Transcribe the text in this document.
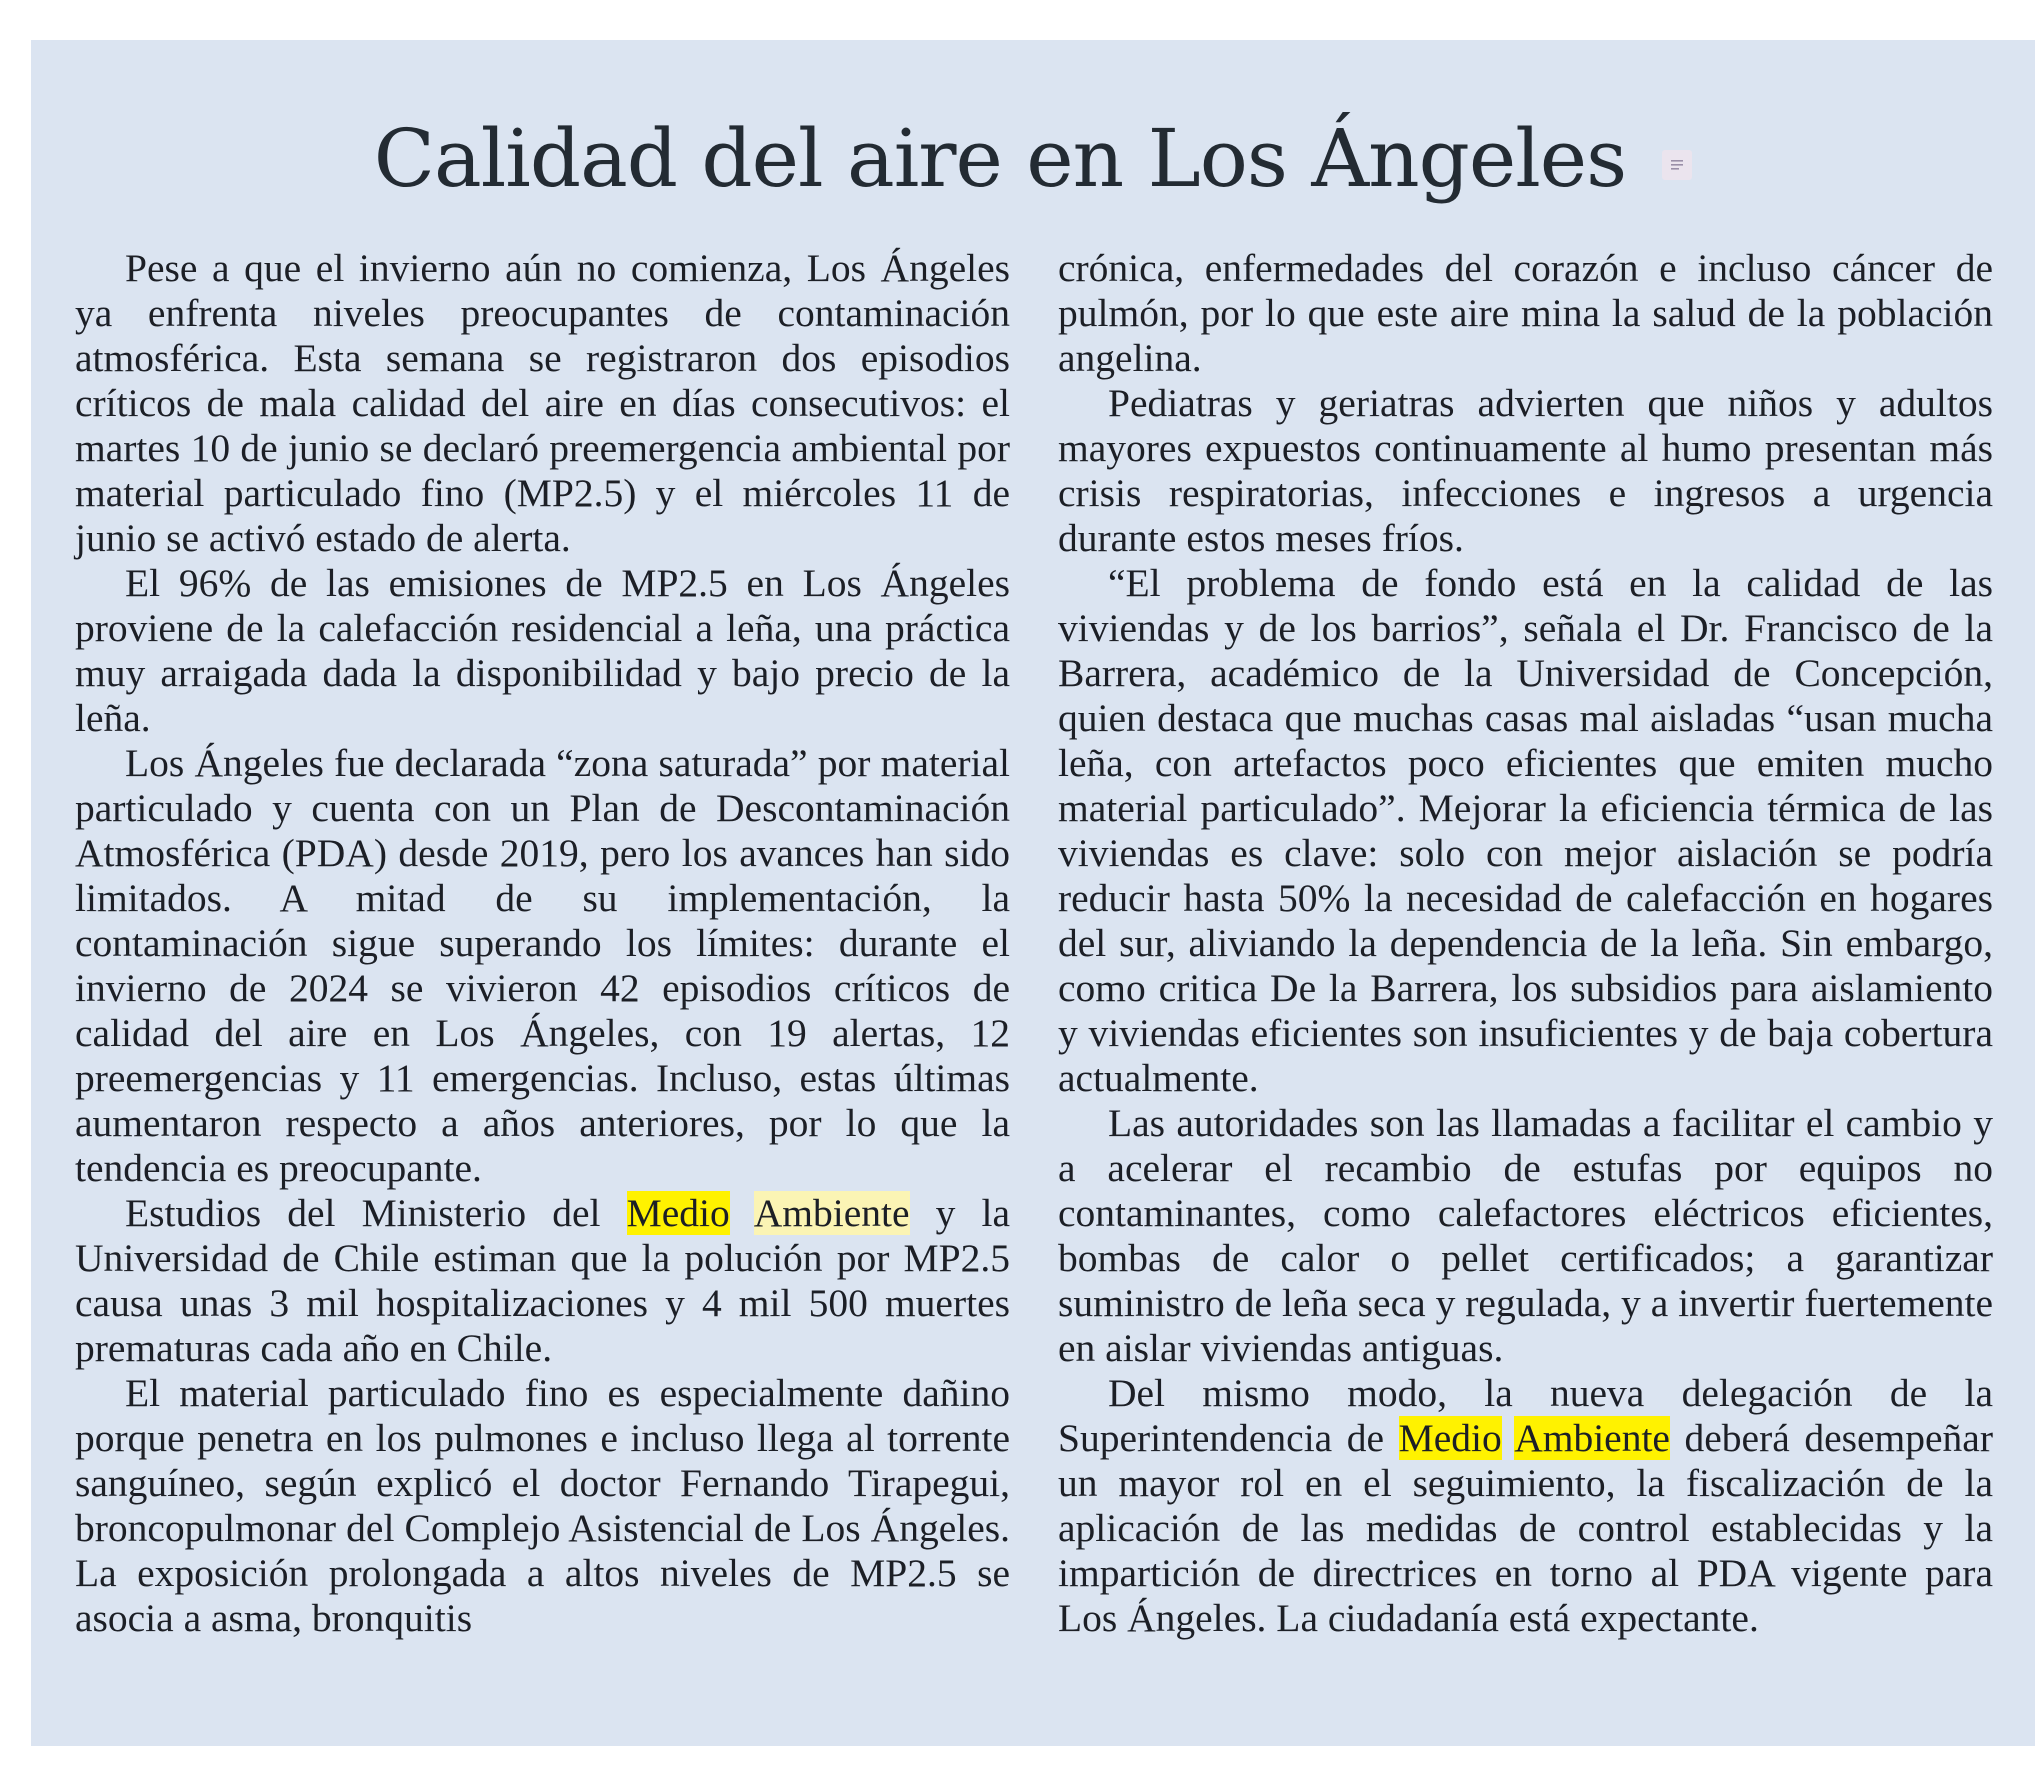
Calidad del aire en Los Ángeles

Pese a que el invierno aún no comienza, Los Ángeles ya enfrenta niveles preocupantes de contaminación atmosférica. Esta semana se registraron dos episodios críticos de mala calidad del aire en días consecutivos: el martes 10 de junio se declaró preemergencia ambiental por material particulado fino (MP2.5) y el miércoles 11 de junio se activó estado de alerta.

El 96% de las emisiones de MP2.5 en Los Ángeles proviene de la calefacción residencial a leña, una práctica muy arraigada dada la disponibilidad y bajo precio de la leña.

Los Ángeles fue declarada “zona saturada” por material particulado y cuenta con un Plan de Descontaminación Atmosférica (PDA) desde 2019, pero los avances han sido limitados. A mitad de su implementación, la contaminación sigue superando los límites: durante el invierno de 2024 se vivieron 42 episodios críticos de calidad del aire en Los Ángeles, con 19 alertas, 12 preemergencias y 11 emergencias. Incluso, estas últimas aumentaron respecto a años anteriores, por lo que la tendencia es preocupante.

Estudios del Ministerio del Medio Ambiente y la Universidad de Chile estiman que la polución por MP2.5 causa unas 3 mil hospitalizaciones y 4 mil 500 muertes prematuras cada año en Chile.

El material particulado fino es especialmente dañino porque penetra en los pulmones e incluso llega al torrente sanguíneo, según explicó el doctor Fernando Tirapegui, broncopulmonar del Complejo Asistencial de Los Ángeles. La exposición prolongada a altos niveles de MP2.5 se asocia a asma, bronquitis

crónica, enfermedades del corazón e incluso cáncer de pulmón, por lo que este aire mina la salud de la población angelina.

Pediatras y geriatras advierten que niños y adultos mayores expuestos continuamente al humo presentan más crisis respiratorias, infecciones e ingresos a urgencia durante estos meses fríos.

“El problema de fondo está en la calidad de las viviendas y de los barrios”, señala el Dr. Francisco de la Barrera, académico de la Universidad de Concepción, quien destaca que muchas casas mal aisladas “usan mucha leña, con artefactos poco eficientes que emiten mucho material particulado”. Mejorar la eficiencia térmica de las viviendas es clave: solo con mejor aislación se podría reducir hasta 50% la necesidad de calefacción en hogares del sur, aliviando la dependencia de la leña. Sin embargo, como critica De la Barrera, los subsidios para aislamiento y viviendas eficientes son insuficientes y de baja cobertura actualmente.

Las autoridades son las llamadas a facilitar el cambio y a acelerar el recambio de estufas por equipos no contaminantes, como calefactores eléctricos eficientes, bombas de calor o pellet certificados; a garantizar suministro de leña seca y regulada, y a invertir fuertemente en aislar viviendas antiguas.

Del mismo modo, la nueva delegación de la Superintendencia de Medio Ambiente deberá desempeñar un mayor rol en el seguimiento, la fiscalización de la aplicación de las medidas de control establecidas y la impartición de directrices en torno al PDA vigente para Los Ángeles. La ciudadanía está expectante.
